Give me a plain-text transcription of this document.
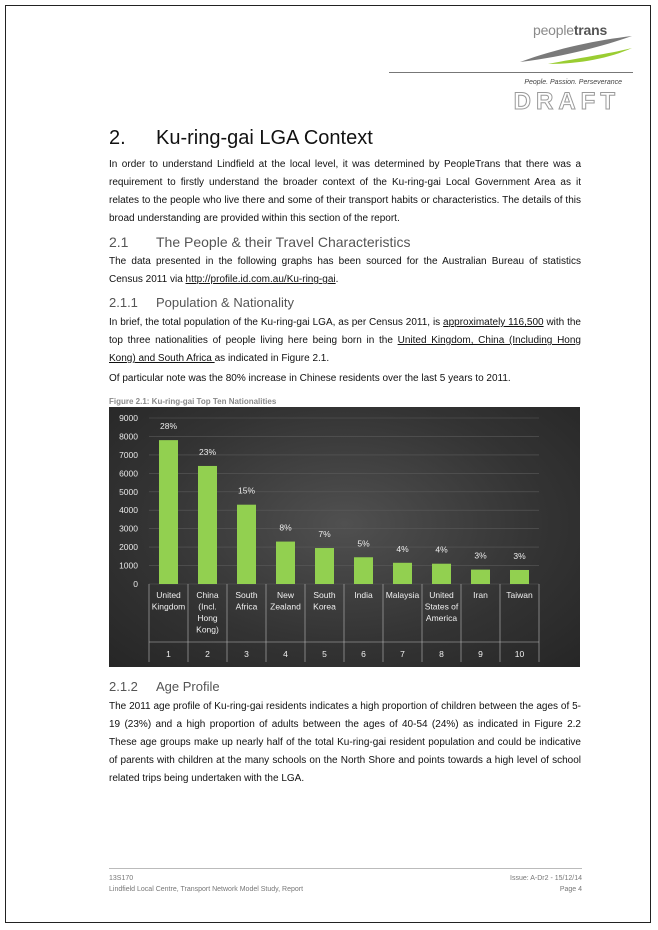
peopletrans
People. Passion. Perseverance
DRAFT
2. Ku-ring-gai LGA Context
In order to understand Lindfield at the local level, it was determined by PeopleTrans that there was a requirement to firstly understand the broader context of the Ku-ring-gai Local Government Area as it relates to the people who live there and some of their transport habits or characteristics. The details of this broad understanding are provided within this section of the report.
2.1 The People & their Travel Characteristics
The data presented in the following graphs has been sourced for the Australian Bureau of statistics Census 2011 via http://profile.id.com.au/Ku-ring-gai.
2.1.1 Population & Nationality
In brief, the total population of the Ku-ring-gai LGA, as per Census 2011, is approximately 116,500 with the top three nationalities of people living here being born in the United Kingdom, China (Including Hong Kong) and South Africa as indicated in Figure 2.1.
Of particular note was the 80% increase in Chinese residents over the last 5 years to 2011.
Figure 2.1: Ku-ring-gai Top Ten Nationalities
0
1000
2000
3000
4000
5000
6000
7000
8000
9000
28%
United
Kingdom
1
23%
China
(Incl.
Hong
Kong)
2
15%
South
Africa
3
8%
New
Zealand
4
7%
South
Korea
5
5%
India
6
4%
Malaysia
7
4%
United
States of
America
8
3%
Iran
9
3%
Taiwan
10
2.1.2 Age Profile
The 2011 age profile of Ku-ring-gai residents indicates a high proportion of children between the ages of 5-19 (23%) and a high proportion of adults between the ages of 40-54 (24%) as indicated in Figure 2.2 These age groups make up nearly half of the total Ku-ring-gai resident population and could be indicative of parents with children at the many schools on the North Shore and points towards a high level of school related trips being undertaken with the LGA.
13S170
Lindfield Local Centre, Transport Network Model Study, Report
Issue: A-Dr2 - 15/12/14
Page 4
